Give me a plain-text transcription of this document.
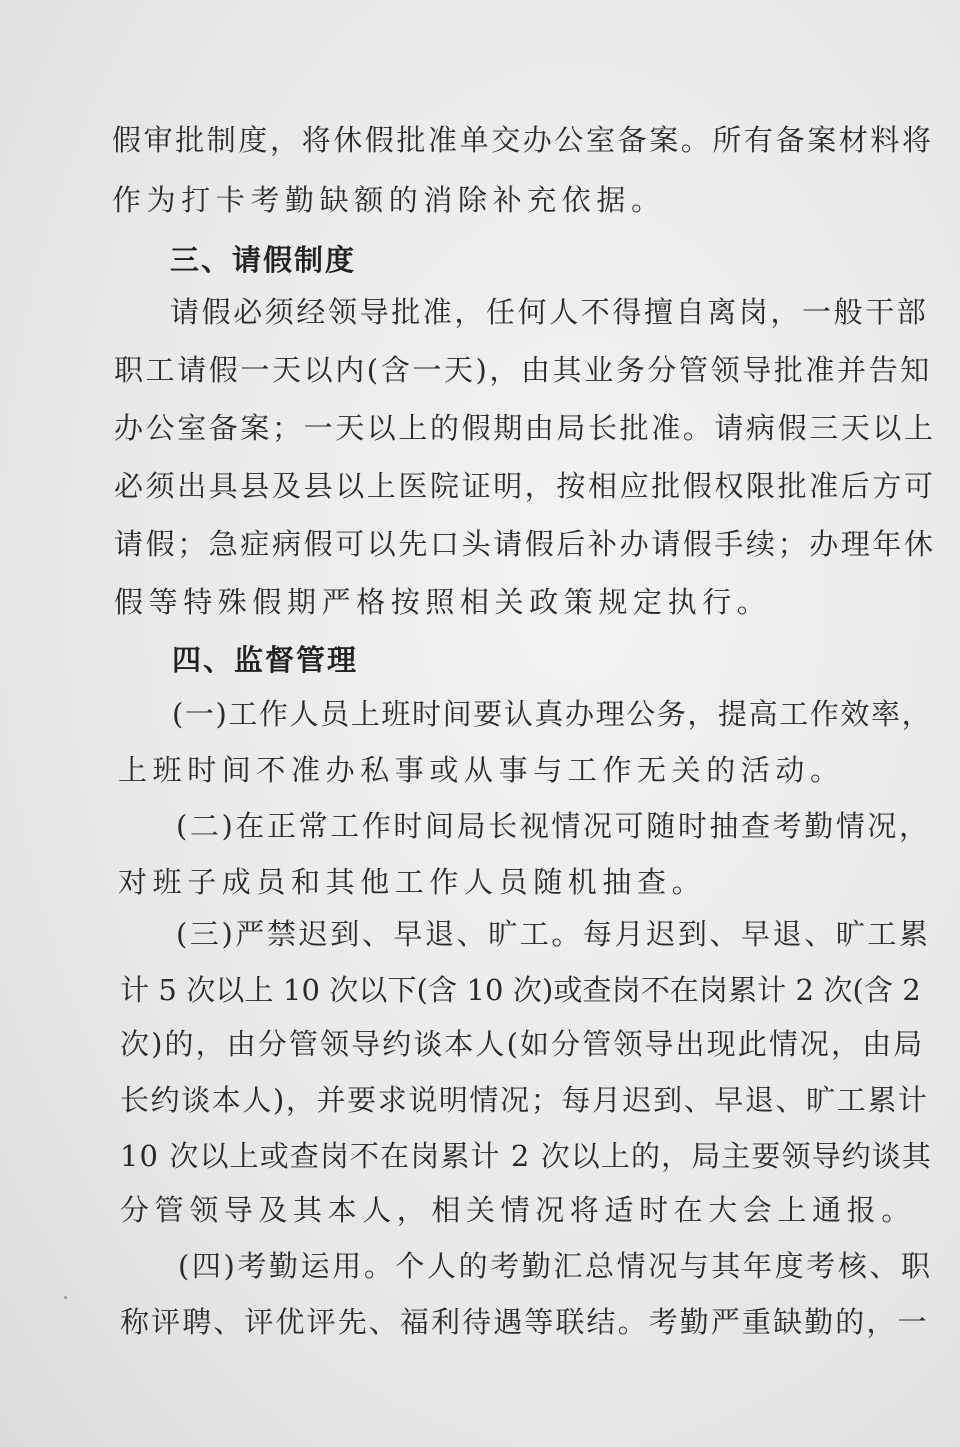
假审批制度，将休假批准单交办公室备案。所有备案材料将

作为打卡考勤缺额的消除补充依据。

三、请假制度

请假必须经领导批准，任何人不得擅自离岗，一般干部

职工请假一天以内(含一天)，由其业务分管领导批准并告知

办公室备案；一天以上的假期由局长批准。请病假三天以上

必须出具县及县以上医院证明，按相应批假权限批准后方可

请假；急症病假可以先口头请假后补办请假手续；办理年休

假等特殊假期严格按照相关政策规定执行。

四、监督管理

(一)工作人员上班时间要认真办理公务，提高工作效率，

上班时间不准办私事或从事与工作无关的活动。

(二)在正常工作时间局长视情况可随时抽查考勤情况，

对班子成员和其他工作人员随机抽查。

(三)严禁迟到、早退、旷工。每月迟到、早退、旷工累

计 5 次以上 10 次以下(含 10 次)或查岗不在岗累计 2 次(含 2

次)的，由分管领导约谈本人(如分管领导出现此情况，由局

长约谈本人)，并要求说明情况；每月迟到、早退、旷工累计

10 次以上或查岗不在岗累计 2 次以上的，局主要领导约谈其

分管领导及其本人，相关情况将适时在大会上通报。

(四)考勤运用。个人的考勤汇总情况与其年度考核、职

称评聘、评优评先、福利待遇等联结。考勤严重缺勤的，一
